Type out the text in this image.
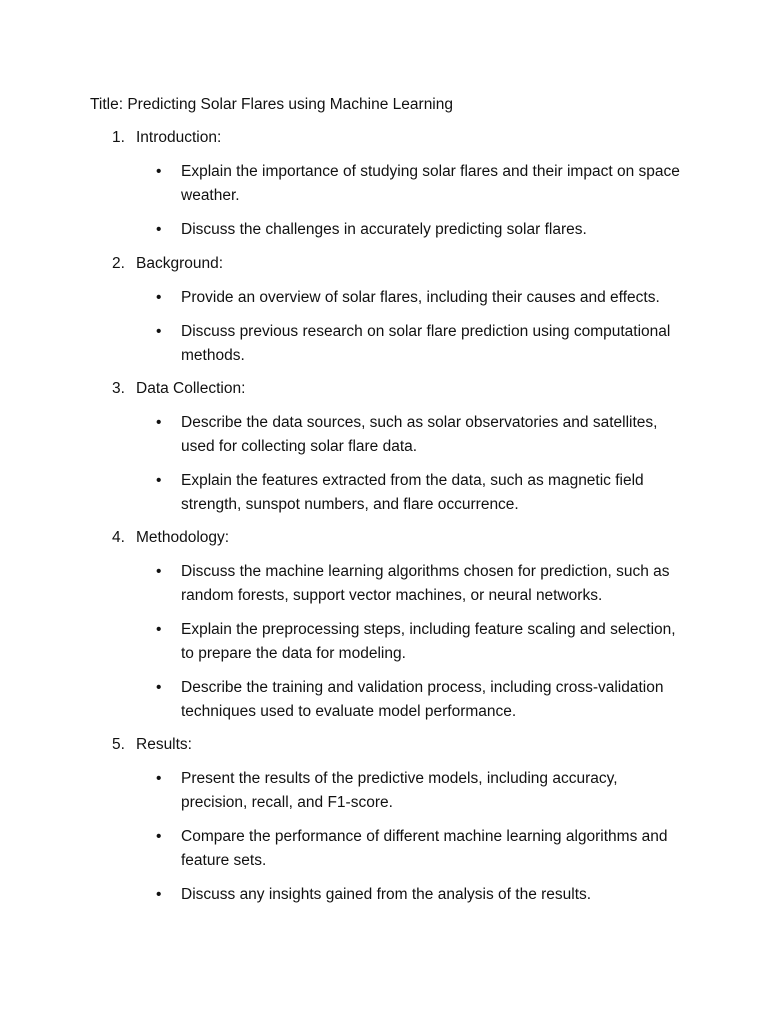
Title: Predicting Solar Flares using Machine Learning
1. Introduction:
• Explain the importance of studying solar flares and their impact on space weather.
• Discuss the challenges in accurately predicting solar flares.
2. Background:
• Provide an overview of solar flares, including their causes and effects.
• Discuss previous research on solar flare prediction using computational methods.
3. Data Collection:
• Describe the data sources, such as solar observatories and satellites, used for collecting solar flare data.
• Explain the features extracted from the data, such as magnetic field strength, sunspot numbers, and flare occurrence.
4. Methodology:
• Discuss the machine learning algorithms chosen for prediction, such as random forests, support vector machines, or neural networks.
• Explain the preprocessing steps, including feature scaling and selection, to prepare the data for modeling.
• Describe the training and validation process, including cross-validation techniques used to evaluate model performance.
5. Results:
• Present the results of the predictive models, including accuracy, precision, recall, and F1-score.
• Compare the performance of different machine learning algorithms and feature sets.
• Discuss any insights gained from the analysis of the results.
